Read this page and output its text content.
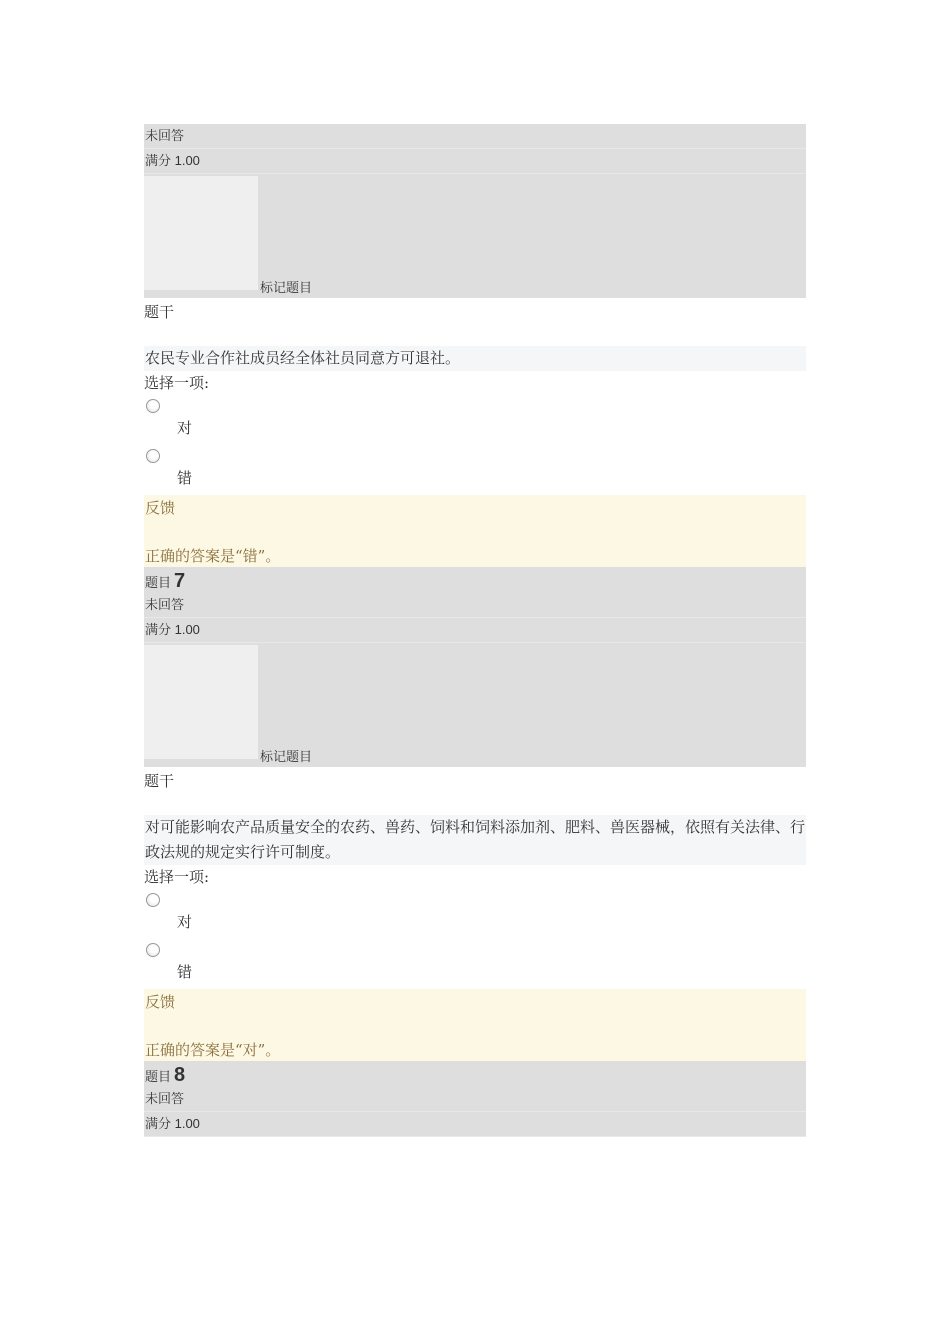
未回答
满分 1.00
标记题目
题干
农民专业合作社成员经全体社员同意方可退社。
选择一项:
对
错
反馈
正确的答案是“错”。
题目 7
未回答
满分 1.00
标记题目
题干
对可能影响农产品质量安全的农药、兽药、饲料和饲料添加剂、肥料、兽医器械，依照有关法律、行政法规的规定实行许可制度。
选择一项:
对
错
反馈
正确的答案是“对”。
题目 8
未回答
满分 1.00
